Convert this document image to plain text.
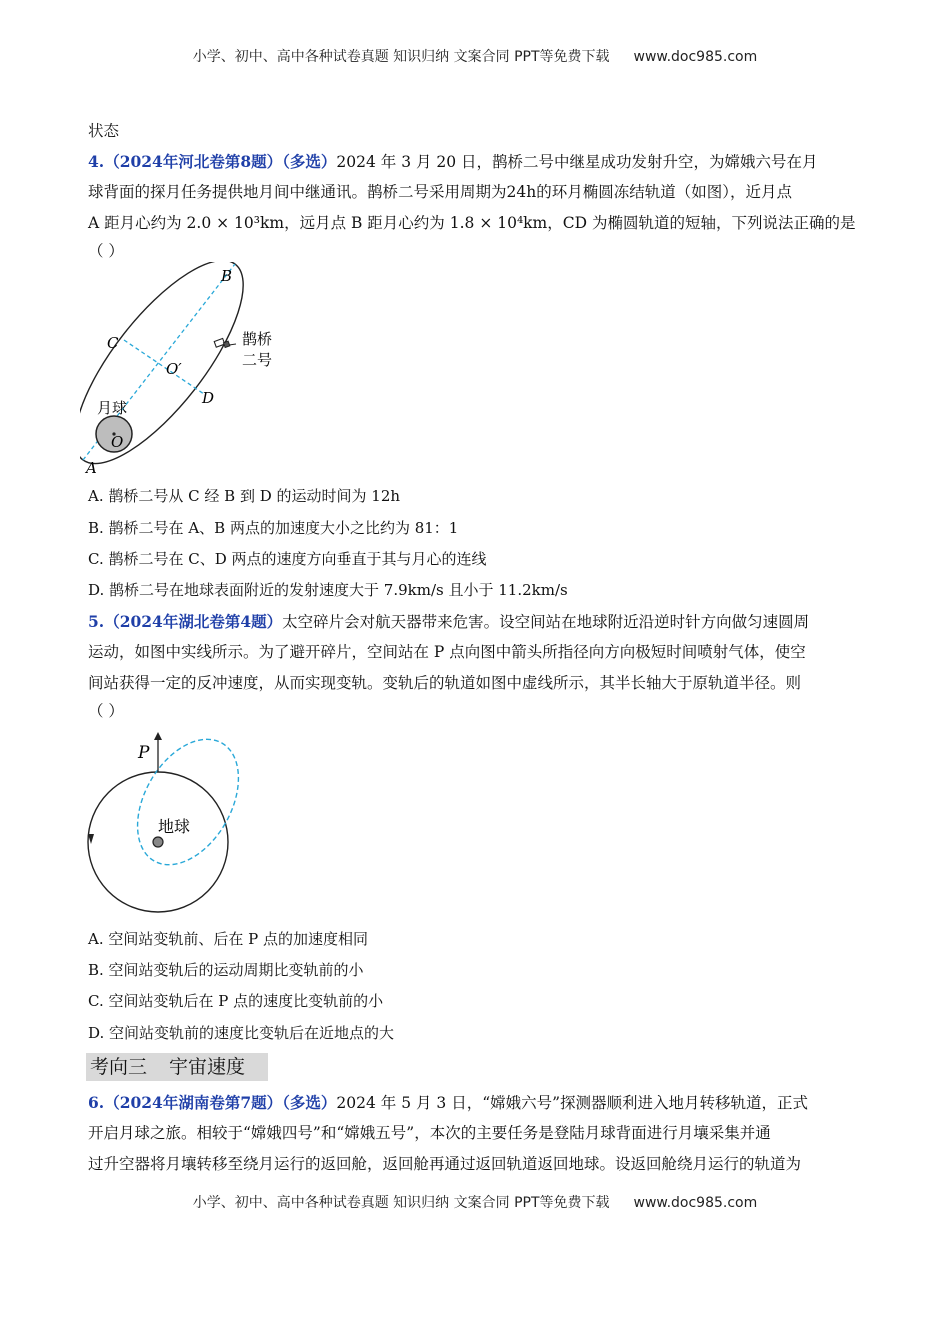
小学、初中、高中各种试卷真题 知识归纳 文案合同 PPT等免费下载 www.doc985.com
状态
4.（2024年河北卷第8题）（多选）2024 年 3 月 20 日，鹊桥二号中继星成功发射升空，为嫦娥六号在月
球背面的探月任务提供地月间中继通讯。鹊桥二号采用周期为24h的环月椭圆冻结轨道（如图），近月点
A 距月心约为 2.0 × 10³km，远月点 B 距月心约为 1.8 × 10⁴km，CD 为椭圆轨道的短轴，下列说法正确的是
（ ）
B
C
O′
D
月球
O
A
鹊桥
二号
A. 鹊桥二号从 C 经 B 到 D 的运动时间为 12h
B. 鹊桥二号在 A、B 两点的加速度大小之比约为 81：1
C. 鹊桥二号在 C、D 两点的速度方向垂直于其与月心的连线
D. 鹊桥二号在地球表面附近的发射速度大于 7.9km/s 且小于 11.2km/s
5.（2024年湖北卷第4题）太空碎片会对航天器带来危害。设空间站在地球附近沿逆时针方向做匀速圆周
运动，如图中实线所示。为了避开碎片，空间站在 P 点向图中箭头所指径向方向极短时间喷射气体，使空
间站获得一定的反冲速度，从而实现变轨。变轨后的轨道如图中虚线所示，其半长轴大于原轨道半径。则
（ ）
P
地球
A. 空间站变轨前、后在 P 点的加速度相同
B. 空间站变轨后的运动周期比变轨前的小
C. 空间站变轨后在 P 点的速度比变轨前的小
D. 空间站变轨前的速度比变轨后在近地点的大
考向三 宇宙速度
6.（2024年湖南卷第7题）（多选）2024 年 5 月 3 日，“嫦娥六号”探测器顺利进入地月转移轨道，正式
开启月球之旅。相较于“嫦娥四号”和“嫦娥五号”，本次的主要任务是登陆月球背面进行月壤采集并通
过升空器将月壤转移至绕月运行的返回舱，返回舱再通过返回轨道返回地球。设返回舱绕月运行的轨道为
小学、初中、高中各种试卷真题 知识归纳 文案合同 PPT等免费下载 www.doc985.com
